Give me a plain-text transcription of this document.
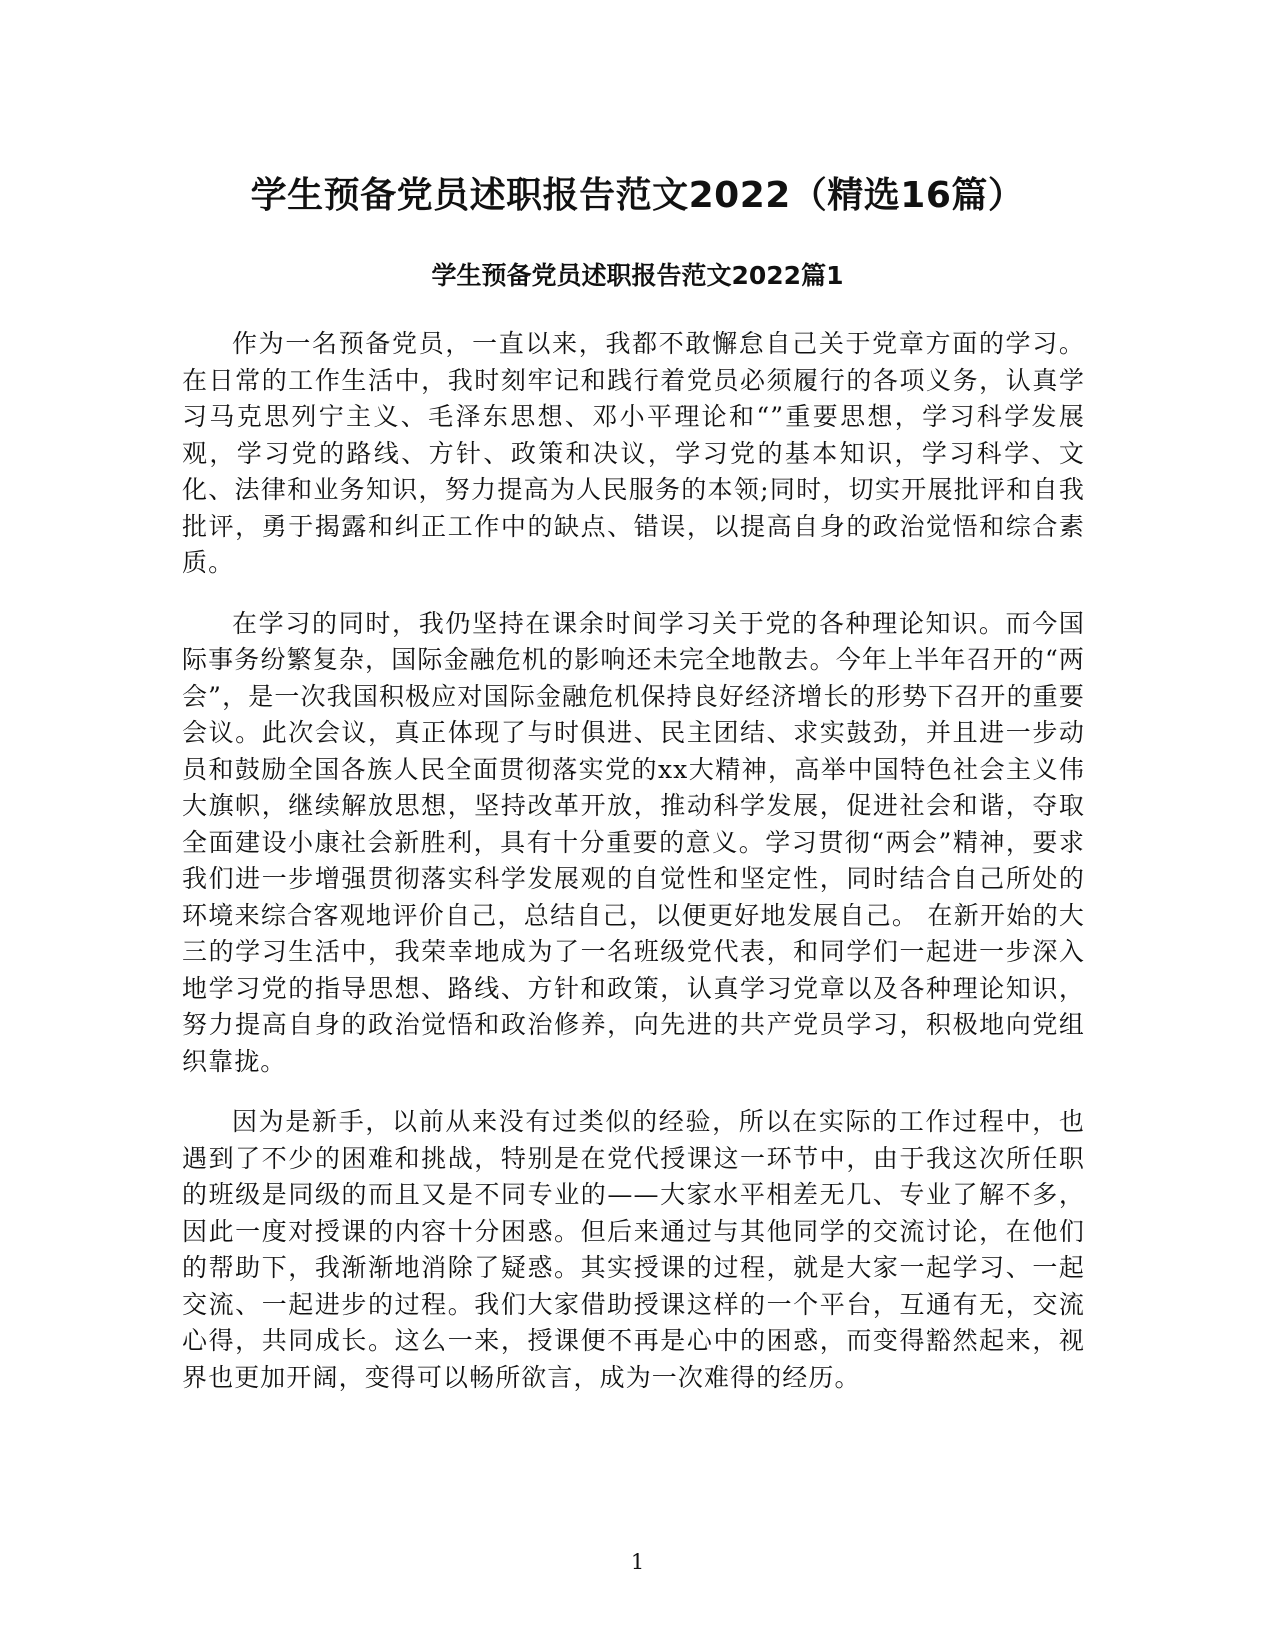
学生预备党员述职报告范文2022（精选16篇）
学生预备党员述职报告范文2022篇1

作为一名预备党员，一直以来，我都不敢懈怠自己关于党章方面的学习。在日常的工作生活中，我时刻牢记和践行着党员必须履行的各项义务，认真学习马克思列宁主义、毛泽东思想、邓小平理论和“”重要思想，学习科学发展观，学习党的路线、方针、政策和决议，学习党的基本知识，学习科学、文化、法律和业务知识，努力提高为人民服务的本领;同时，切实开展批评和自我批评，勇于揭露和纠正工作中的缺点、错误，以提高自身的政治觉悟和综合素质。

在学习的同时，我仍坚持在课余时间学习关于党的各种理论知识。而今国际事务纷繁复杂，国际金融危机的影响还未完全地散去。今年上半年召开的“两会”，是一次我国积极应对国际金融危机保持良好经济增长的形势下召开的重要会议。此次会议，真正体现了与时俱进、民主团结、求实鼓劲，并且进一步动员和鼓励全国各族人民全面贯彻落实党的xx大精神，高举中国特色社会主义伟大旗帜，继续解放思想，坚持改革开放，推动科学发展，促进社会和谐，夺取全面建设小康社会新胜利，具有十分重要的意义。学习贯彻“两会”精神，要求我们进一步增强贯彻落实科学发展观的自觉性和坚定性，同时结合自己所处的环境来综合客观地评价自己，总结自己，以便更好地发展自己。 在新开始的大三的学习生活中，我荣幸地成为了一名班级党代表，和同学们一起进一步深入地学习党的指导思想、路线、方针和政策，认真学习党章以及各种理论知识，努力提高自身的政治觉悟和政治修养，向先进的共产党员学习，积极地向党组织靠拢。

因为是新手，以前从来没有过类似的经验，所以在实际的工作过程中，也遇到了不少的困难和挑战，特别是在党代授课这一环节中，由于我这次所任职的班级是同级的而且又是不同专业的——大家水平相差无几、专业了解不多，因此一度对授课的内容十分困惑。但后来通过与其他同学的交流讨论，在他们的帮助下，我渐渐地消除了疑惑。其实授课的过程，就是大家一起学习、一起交流、一起进步的过程。我们大家借助授课这样的一个平台，互通有无，交流心得，共同成长。这么一来，授课便不再是心中的困惑，而变得豁然起来，视界也更加开阔，变得可以畅所欲言，成为一次难得的经历。

1
